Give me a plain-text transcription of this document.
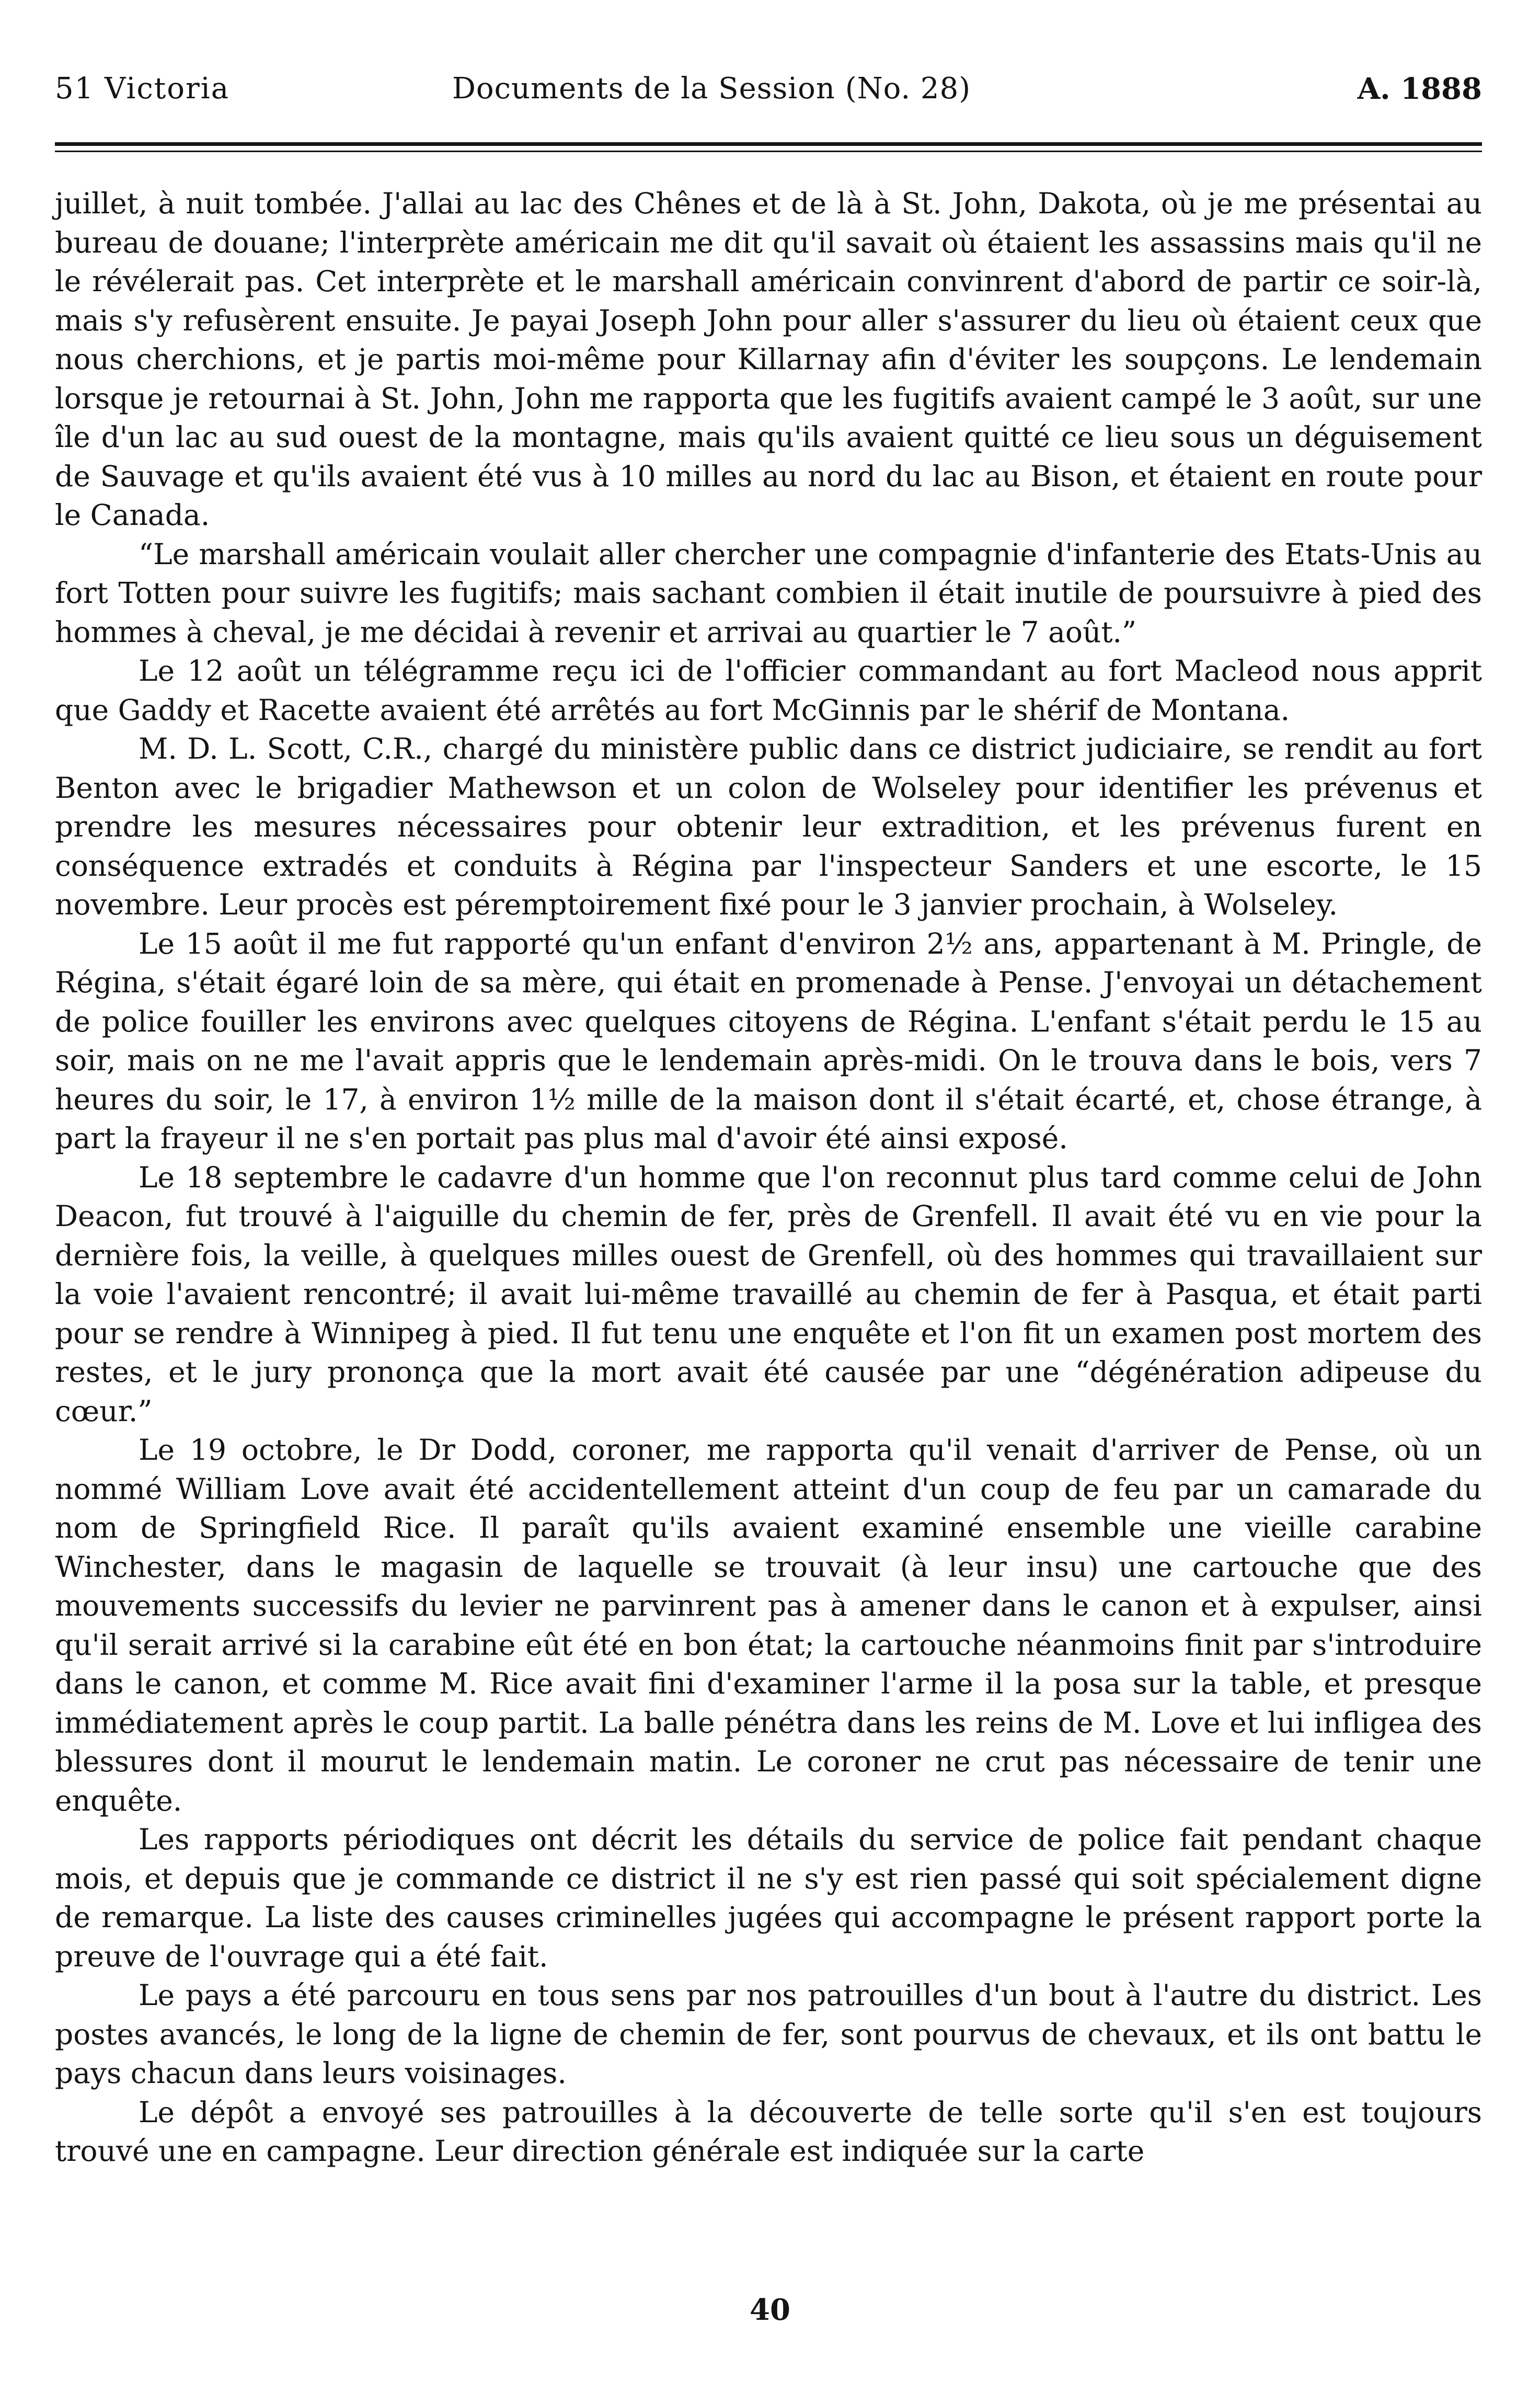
51 Victoria	Documents de la Session (No. 28)	A. 1888

juillet, à nuit tombée. J'allai au lac des Chênes et de là à St. John, Dakota, où je me présentai au bureau de douane; l'interprète américain me dit qu'il savait où étaient les assassins mais qu'il ne le révélerait pas. Cet interprète et le marshall américain convinrent d'abord de partir ce soir-là, mais s'y refusèrent ensuite. Je payai Joseph John pour aller s'assurer du lieu où étaient ceux que nous cherchions, et je partis moi-même pour Killarnay afin d'éviter les soupçons. Le lendemain lorsque je retournai à St. John, John me rapporta que les fugitifs avaient campé le 3 août, sur une île d'un lac au sud ouest de la montagne, mais qu'ils avaient quitté ce lieu sous un déguisement de Sauvage et qu'ils avaient été vus à 10 milles au nord du lac au Bison, et étaient en route pour le Canada.

“Le marshall américain voulait aller chercher une compagnie d'infanterie des Etats-Unis au fort Totten pour suivre les fugitifs; mais sachant combien il était inutile de poursuivre à pied des hommes à cheval, je me décidai à revenir et arrivai au quartier le 7 août.”

Le 12 août un télégramme reçu ici de l'officier commandant au fort Macleod nous apprit que Gaddy et Racette avaient été arrêtés au fort McGinnis par le shérif de Montana.

M. D. L. Scott, C.R., chargé du ministère public dans ce district judiciaire, se rendit au fort Benton avec le brigadier Mathewson et un colon de Wolseley pour identifier les prévenus et prendre les mesures nécessaires pour obtenir leur extradition, et les prévenus furent en conséquence extradés et conduits à Régina par l'inspecteur Sanders et une escorte, le 15 novembre. Leur procès est péremptoirement fixé pour le 3 janvier prochain, à Wolseley.

Le 15 août il me fut rapporté qu'un enfant d'environ 2½ ans, appartenant à M. Pringle, de Régina, s'était égaré loin de sa mère, qui était en promenade à Pense. J'envoyai un détachement de police fouiller les environs avec quelques citoyens de Régina. L'enfant s'était perdu le 15 au soir, mais on ne me l'avait appris que le lendemain après-midi. On le trouva dans le bois, vers 7 heures du soir, le 17, à environ 1½ mille de la maison dont il s'était écarté, et, chose étrange, à part la frayeur il ne s'en portait pas plus mal d'avoir été ainsi exposé.

Le 18 septembre le cadavre d'un homme que l'on reconnut plus tard comme celui de John Deacon, fut trouvé à l'aiguille du chemin de fer, près de Grenfell. Il avait été vu en vie pour la dernière fois, la veille, à quelques milles ouest de Grenfell, où des hommes qui travaillaient sur la voie l'avaient rencontré; il avait lui-même travaillé au chemin de fer à Pasqua, et était parti pour se rendre à Winnipeg à pied. Il fut tenu une enquête et l'on fit un examen post mortem des restes, et le jury prononça que la mort avait été causée par une “dégénération adipeuse du cœur.”

Le 19 octobre, le Dr Dodd, coroner, me rapporta qu'il venait d'arriver de Pense, où un nommé William Love avait été accidentellement atteint d'un coup de feu par un camarade du nom de Springfield Rice. Il paraît qu'ils avaient examiné ensemble une vieille carabine Winchester, dans le magasin de laquelle se trouvait (à leur insu) une cartouche que des mouvements successifs du levier ne parvinrent pas à amener dans le canon et à expulser, ainsi qu'il serait arrivé si la carabine eût été en bon état; la cartouche néanmoins finit par s'introduire dans le canon, et comme M. Rice avait fini d'examiner l'arme il la posa sur la table, et presque immédiatement après le coup partit. La balle pénétra dans les reins de M. Love et lui infligea des blessures dont il mourut le lendemain matin. Le coroner ne crut pas nécessaire de tenir une enquête.

Les rapports périodiques ont décrit les détails du service de police fait pendant chaque mois, et depuis que je commande ce district il ne s'y est rien passé qui soit spécialement digne de remarque. La liste des causes criminelles jugées qui accompagne le présent rapport porte la preuve de l'ouvrage qui a été fait.

Le pays a été parcouru en tous sens par nos patrouilles d'un bout à l'autre du district. Les postes avancés, le long de la ligne de chemin de fer, sont pourvus de chevaux, et ils ont battu le pays chacun dans leurs voisinages.

Le dépôt a envoyé ses patrouilles à la découverte de telle sorte qu'il s'en est toujours trouvé une en campagne. Leur direction générale est indiquée sur la carte

40
